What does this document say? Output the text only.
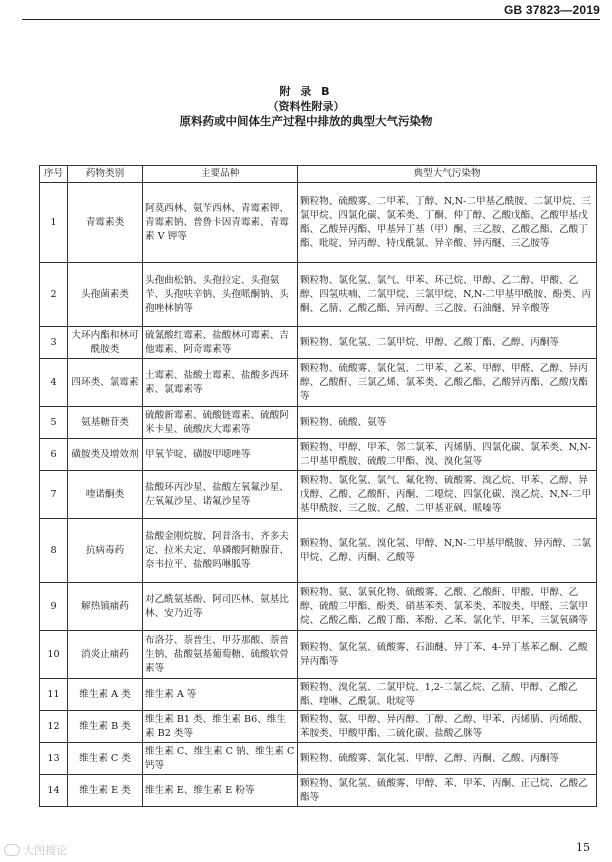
GB 37823—2019
附 录 B
（资料性附录）
原料药或中间体生产过程中排放的典型大气污染物
序号	药物类别	主要品种	典型大气污染物
1	青霉素类	阿莫西林、氨苄西林、青霉素钾、青霉素钠、普鲁卡因青霉素、青霉素 V 钾等	颗粒物、硫酸雾、二甲苯、丁醇、N,N-二甲基乙酰胺、二氯甲烷、三氯甲烷、四氯化碳、氯苯类、丁酮、仲丁醇、乙酸戊酯、乙酸甲基戊酯、乙酸异丙酯、甲基异丁基（甲）酮、三乙胺、乙酸乙酯、乙酸丁酯、吡啶、异丙醇、特戊酰氯、异辛酸、异丙醚、三乙胺等
2	头孢菌素类	头孢曲松钠、头孢拉定、头孢氨苄、头孢呋辛钠、头孢哌酮钠、头孢唑林钠等	颗粒物、氯化氢、氯气、甲苯、环己烷、甲醇、乙二醇、甲酸、乙醇、四氢呋喃、二氯甲烷、三氯甲烷、N,N-二甲基甲酰胺、酚类、丙酮、乙腈、乙酸乙酯、异丙醇、三乙胺、石油醚、异辛酸等
3	大环内酯和林可酰胺类	硫氰酸红霉素、盐酸林可霉素、吉他霉素、阿奇霉素等	颗粒物、氯化氢、二氯甲烷、甲醇、乙酸丁酯、乙醇、丙酮等
4	四环类、氯霉素	土霉素、盐酸土霉素、盐酸多西环素、氯霉素等	颗粒物、硫酸雾、氯化氢、二甲苯、乙苯、甲醇、甲醛、乙醇、异丙醇、乙酸酐、三氯乙烯、氯苯类、乙酸乙酯、乙酸异丙酯、乙酸戊酯等
5	氨基糖苷类	硫酸新霉素、硫酸链霉素、硫酸阿米卡星、硫酸庆大霉素等	颗粒物、硫酸、氨等
6	磺胺类及增效剂	甲氧苄啶、磺胺甲噁唑等	颗粒物、甲醇、甲苯、邻二氯苯、丙烯腈、四氯化碳、氯苯类、N,N-二甲基甲酰胺、硫酸二甲酯、溴、溴化氢等
7	喹诺酮类	盐酸环丙沙星、盐酸左氧氟沙星、左氧氟沙星、诺氟沙星等	颗粒物、氯化氢、氯气、氟化物、硫酸雾、溴乙烷、甲苯、乙醇、异戊醇、乙酸、乙酸酐、丙酮、二噁烷、四氯化碳、溴乙烷、N,N-二甲基甲酰胺、三乙胺、乙酸、二甲基亚砜、哌嗪等
8	抗病毒药	盐酸金刚烷胺、阿昔洛韦、齐多夫定、拉米夫定、单磷酸阿糖腺苷、奈韦拉平、盐酸吗啉胍等	颗粒物、氯化氢、溴化氢、甲醇、N,N-二甲基甲酰胺、异丙醇、二氯甲烷、乙醇、丙酮、乙酸等
9	解热镇痛药	对乙酰氨基酚、阿司匹林、氨基比林、安乃近等	颗粒物、氨、氯氧化物、硫酸雾、乙酸、乙酸酐、甲酸、甲醇、乙醇、硫酸二甲酯、酚类、硝基苯类、氯苯类、苯胺类、甲醛、三氯甲烷、乙酸乙酯、乙酸丁酯、苯酚、乙苯、氯化苄、甲苯、三氯氧磷等
10	消炎止痛药	布洛芬、萘普生、甲芬那酸、萘普生钠、盐酸氨基葡萄糖、硫酸软骨素等	颗粒物、氯化氢、硫酸雾、石油醚、异丁苯、4-异丁基苯乙酮、乙酸异丙酯等
11	维生素 A 类	维生素 A 等	颗粒物、溴化氢、二氯甲烷、1,2-二氯乙烷、乙腈、甲醇、乙酸乙酯、喹啉、乙酰氯、吡啶等
12	维生素 B 类	维生素 B1 类、维生素 B6、维生素 B2 类等	颗粒物、氨、甲醇、异丙醇、丁醇、乙醇、甲苯、丙烯腈、丙烯酸、苯胺类、甲酸甲酯、二硫化碳、盐酸乙脒等
13	维生素 C 类	维生素 C、维生素 C 钠、维生素 C 钙等	颗粒物、硫酸雾、氯化氢、甲醇、乙醇、丙酮、乙酸、丙酮等
14	维生素 E 类	维生素 E、维生素 E 粉等	颗粒物、氯化氢、硫酸雾、甲醇、苯、甲苯、丙酮、正己烷、乙酸乙酯等
大图搜论	15
